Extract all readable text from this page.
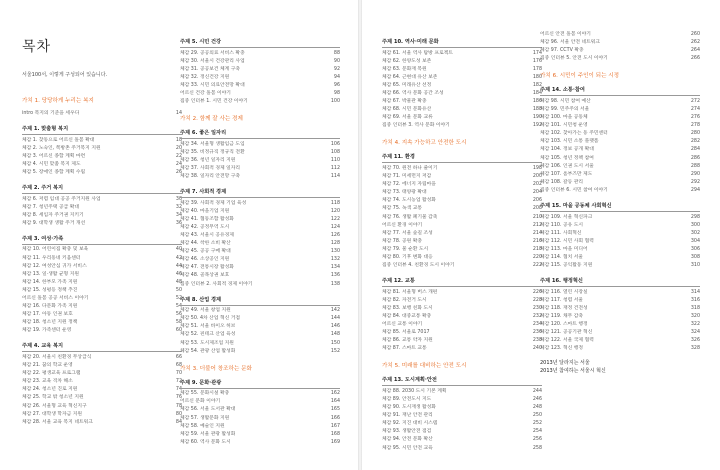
목차
서울100서, 이렇게 구성되어 있습니다.
가치 1. 당당하게 누리는 복지
intro 복지의 기준을 세우다	14
주제 1. 맞춤형 복지
체감 1. 찾동으로 어르신 돌봄 확대	18
체감 2. 노숙인, 쪽방촌 주거복지 지원	20
체감 3. 어르신 종합 계획 마련	22
체감 4. 시민 맞춤 복지 제도	24
체감 5. 장애인 종합 계획 수립	26
주제 2. 주거 복지
체감 6. 저렴 임대 공공 주거지원 사업	30
체감 7. 청년주택 공급 확대	32
체감 8. 세입자 주거권 지키기	34
체감 9. 대학생 생활 주거 개선	36
주제 3. 여성·가족
체감 10. 어린이집 확충 및 보육	40
체감 11. 우리동네 키움센터	42
체감 12. 여성안심 귀가 서비스	44
체감 13. 일·생활 균형 지원	46
체감 14. 한부모 가족 지원	48
체감 15. 성평등 정책 추진	50
어르신 돌봄 공공 서비스 이야기	52
체감 16. 다문화 가족 지원	54
체감 17. 아동 인권 보호	56
체감 18. 청소년 지원 정책	58
체감 19. 가족센터 운영	60
주제 4. 교육 복지
체감 20. 서울시 친환경 무상급식	66
체감 21. 꿈의 학교 운영	68
체감 22. 평생교육 프로그램	70
체감 23. 교육 격차 해소	72
체감 24. 청소년 진로 지원	74
체감 25. 학교 밖 청소년 지원	76
체감 26. 서울형 교육 혁신지구	78
체감 27. 대학생 학자금 지원	80
체감 28. 서울 교육 복지 네트워크	84
주제 5. 시민 건강
체감 29. 공공의료 서비스 확충	88
체감 30. 서울시 건강관리 사업	90
체감 31. 공공보건 체계 구축	92
체감 32. 정신건강 지원	94
체감 33. 시민 의료안전망 확대	96
어르신 건강 돌봄 이야기	98
집중 인터뷰 1. 시민 건강 이야기	100
가치 2. 함께 잘 사는 경제
주제 6. 좋은 일자리
체감 34. 서울형 생활임금 도입	106
체감 35. 비정규직 정규직 전환	108
체감 36. 청년 일자리 지원	110
체감 37. 사회적 경제 일자리	112
체감 38. 일자리 안전망 구축	114
주제 7. 사회적 경제
체감 39. 사회적 경제 기업 육성	118
체감 40. 마을기업 지원	120
체감 41. 협동조합 활성화	122
체감 42. 공정무역 도시	124
체감 43. 서울시 공유경제	126
체감 44. 착한 소비 확산	128
체감 45. 공공 구매 확대	130
체감 46. 소상공인 지원	132
체감 47. 전통시장 활성화	134
체감 48. 골목상권 보호	136
집중 인터뷰 2. 사회적 경제 이야기	138
주제 8. 산업 경제
체감 49. 서울 창업 지원	142
체감 50. 4차 산업 혁신 거점	144
체감 51. 서울 바이오 허브	146
체감 52. 핀테크 산업 육성	148
체감 53. 도시제조업 지원	150
체감 54. 관광 산업 활성화	152
가치 3. 더불어 창조하는 문화
주제 9. 문화·관광
체감 55. 문화시설 확충	162
어르신 문화 이야기	164
체감 56. 서울 도서관 확대	165
체감 57. 생활문화 지원	166
체감 58. 예술인 지원	167
체감 59. 서울 관광 활성화	168
체감 60. 역사 문화 도시	169
주제 10. 역사·미래 문화
체감 61. 서울 역사 탐방 프로젝트	174
체감 62. 한양도성 보존	176
체감 63. 문화재 복원	178
체감 64. 근현대 유산 보존	180
체감 65. 미래유산 선정	182
체감 66. 역사 문화 공간 조성	184
체감 67. 박물관 확충	186
체감 68. 시민 문화유산	188
체감 69. 서울 문화 교류	190
집중 인터뷰 3. 역사 문화 이야기	192
가치 4. 지속 가능하고 안전한 도시
주제 11. 환경
체감 70. 원전 하나 줄이기	198
체감 71. 미세먼지 저감	200
체감 72. 에너지 자립마을	202
체감 73. 태양광 확대	204
체감 74. 도시농업 활성화	206
체감 75. 녹색 교통	208
체감 76. 생활 폐기물 감축	210
어르신 환경 이야기	212
체감 77. 서울 숲길 조성	214
체감 78. 공원 확충	216
체감 79. 물 순환 도시	218
체감 80. 기후 변화 대응	220
집중 인터뷰 4. 친환경 도시 이야기	222
주제 12. 교통
체감 81. 서울형 버스 개편	226
체감 82. 자전거 도시	228
체감 83. 보행 친화 도시	230
체감 84. 대중교통 확충	232
어르신 교통 이야기	234
체감 85. 서울로 7017	236
체감 86. 교통 약자 지원	238
체감 87. 스마트 교통	240
가치 5. 미래를 대비하는 안전 도시
주제 13. 도시계획·안전
체감 88. 2030 도시 기본 계획	244
체감 89. 안전도시 지도	246
체감 90. 도시재생 활성화	248
체감 91. 재난 안전 관리	250
체감 92. 지진 대비 시스템	252
체감 93. 생활안전 점검	254
체감 94. 안전 문화 확산	256
체감 95. 시민 안전 교육	258
어르신 안전 돌봄 이야기	260
체감 96. 서울 안전 네트워크	262
체감 97. CCTV 확충	264
집중 인터뷰 5. 안전 도시 이야기	266
가치 6. 시민이 주인이 되는 시정
주제 14. 소통·참여
체감 98. 시민 참여 예산	272
체감 99. 민주주의 서울	274
체감 100. 마을 공동체	276
체감 101. 시민청 운영	278
체감 102. 찾아가는 동 주민센터	280
체감 103. 시민 소통 플랫폼	282
체감 104. 정보 공개 확대	284
체감 105. 청년 정책 참여	286
체감 106. 인권 도시 서울	288
체감 107. 옴부즈만 제도	290
체감 108. 갈등 관리	292
집중 인터뷰 6. 시민 참여 이야기	294
주제 15. 마을 공동체 사회혁신
체감 109. 서울 혁신파크	298
체감 110. 공유 도시	300
체감 111. 사회혁신	302
체감 112. 시민 사회 협력	304
체감 113. 마을 미디어	306
체감 114. 협치 서울	308
체감 115. 공익활동 지원	310
주제 16. 행정혁신
체감 116. 열린 시장실	314
체감 117. 청렴 서울	316
체감 118. 재정 건전성	318
체감 119. 채무 감축	320
체감 120. 스마트 행정	322
체감 121. 공공기관 혁신	324
체감 122. 서울 국제 협력	326
체감 123. 혁신 행정	328
2013년 달라지는 서울
2013년 참여하는 서울시 혁신
